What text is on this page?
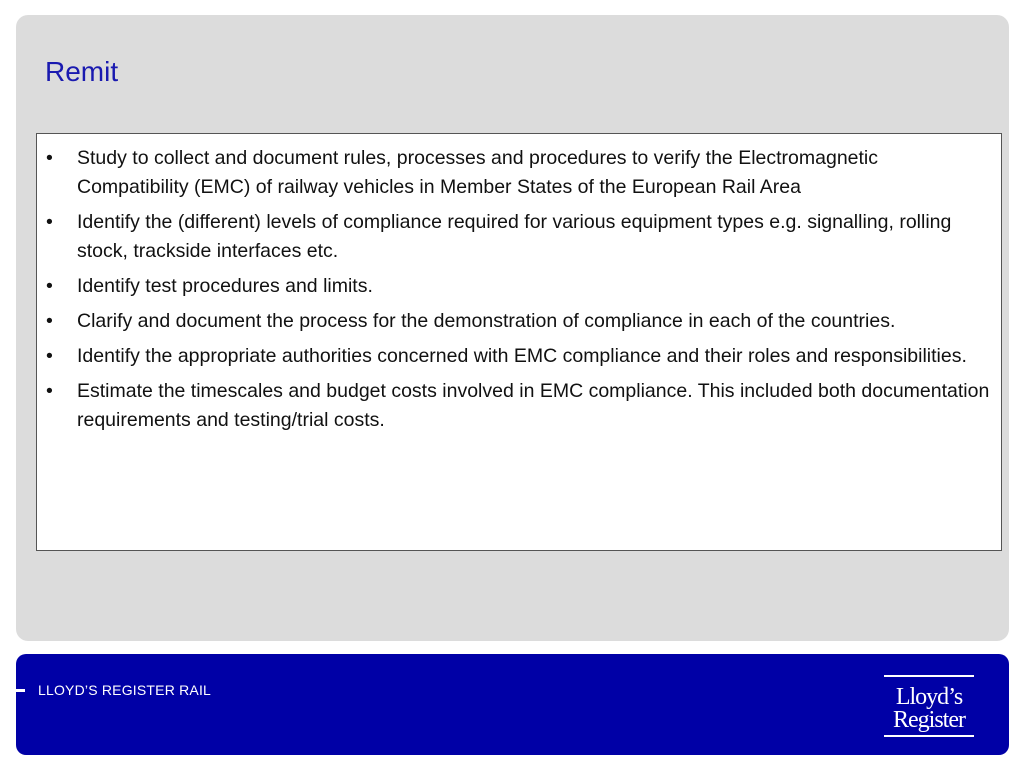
Remit
• Study to collect and document rules, processes and procedures to verify the Electromagnetic Compatibility (EMC) of railway vehicles in Member States of the European Rail Area
• Identify the (different) levels of compliance required for various equipment types e.g. signalling, rolling stock, trackside interfaces etc.
• Identify test procedures and limits.
• Clarify and document the process for the demonstration of compliance in each of the countries.
• Identify the appropriate authorities concerned with EMC compliance and their roles and responsibilities.
• Estimate the timescales and budget costs involved in EMC compliance. This included both documentation requirements and testing/trial costs.
LLOYD’S REGISTER RAIL	Lloyd’s
Register
